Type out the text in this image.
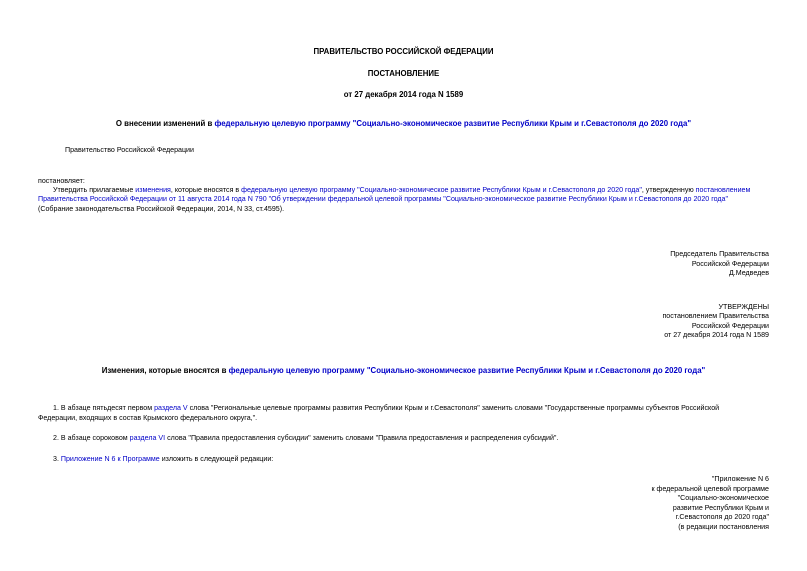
ПРАВИТЕЛЬСТВО РОССИЙСКОЙ ФЕДЕРАЦИИ
ПОСТАНОВЛЕНИЕ
от 27 декабря 2014 года N 1589
О внесении изменений в федеральную целевую программу "Социально-экономическое развитие Республики Крым и г.Севастополя до 2020 года"
Правительство Российской Федерации
постановляет:
Утвердить прилагаемые изменения, которые вносятся в федеральную целевую программу "Социально-экономическое развитие Республики Крым и г.Севастополя до 2020 года", утвержденную постановлением
Правительства Российской Федерации от 11 августа 2014 года N 790 "Об утверждении федеральной целевой программы "Социально-экономическое развитие Республики Крым и г.Севастополя до 2020 года"
(Собрание законодательства Российской Федерации, 2014, N 33, ст.4595).
Председатель Правительства
Российской Федерации
Д.Медведев
УТВЕРЖДЕНЫ
постановлением Правительства
Российской Федерации
от 27 декабря 2014 года N 1589
Изменения, которые вносятся в федеральную целевую программу "Социально-экономическое развитие Республики Крым и г.Севастополя до 2020 года"
1. В абзаце пятьдесят первом раздела V слова "Региональные целевые программы развития Республики Крым и г.Севастополя" заменить словами "Государственные программы субъектов Российской
Федерации, входящих в состав Крымского федерального округа,".
2. В абзаце сороковом раздела VI слова "Правила предоставления субсидии" заменить словами "Правила предоставления и распределения субсидий".
3. Приложение N 6 к Программе изложить в следующей редакции:
"Приложение N 6
к федеральной целевой программе
"Социально-экономическое
развитие Республики Крым и
г.Севастополя до 2020 года"
(в редакции постановления
